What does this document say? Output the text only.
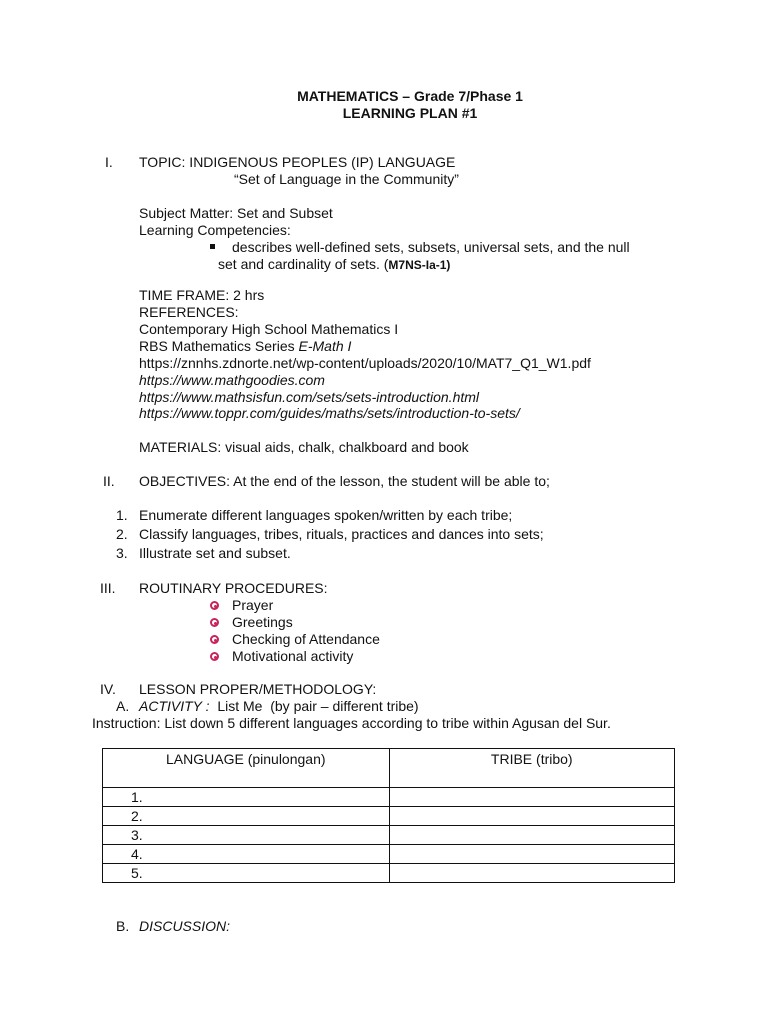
MATHEMATICS – Grade 7/Phase 1
LEARNING PLAN #1
I. TOPIC: INDIGENOUS PEOPLES (IP) LANGUAGE
“Set of Language in the Community”
Subject Matter: Set and Subset
Learning Competencies:
describes well-defined sets, subsets, universal sets, and the null
set and cardinality of sets. (M7NS-Ia-1)
TIME FRAME: 2 hrs
REFERENCES:
Contemporary High School Mathematics I
RBS Mathematics Series E-Math I
https://znnhs.zdnorte.net/wp-content/uploads/2020/10/MAT7_Q1_W1.pdf
https://www.mathgoodies.com
https://www.mathsisfun.com/sets/sets-introduction.html
https://www.toppr.com/guides/maths/sets/introduction-to-sets/
MATERIALS: visual aids, chalk, chalkboard and book
II. OBJECTIVES: At the end of the lesson, the student will be able to;
1. Enumerate different languages spoken/written by each tribe;
2. Classify languages, tribes, rituals, practices and dances into sets;
3. Illustrate set and subset.
III. ROUTINARY PROCEDURES:
Prayer
Greetings
Checking of Attendance
Motivational activity
IV. LESSON PROPER/METHODOLOGY:
A. ACTIVITY :  List Me  (by pair – different tribe)
Instruction: List down 5 different languages according to tribe within Agusan del Sur.
LANGUAGE (pinulongan)	TRIBE (tribo)
1.	
2.	
3.	
4.	
5.	
B. DISCUSSION:
